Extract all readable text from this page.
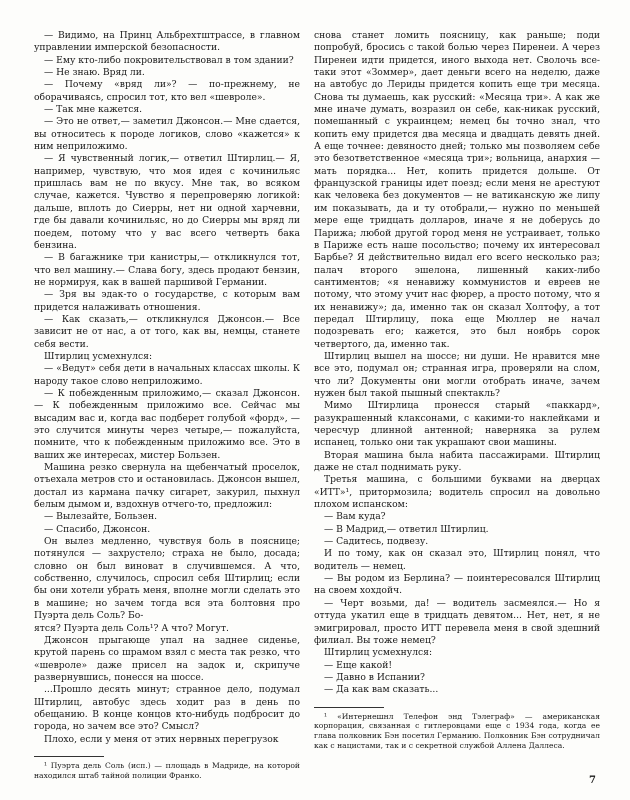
— Видимо, на Принц Альбрехтштрассе, в главном управлении имперской безопасности.

— Ему кто-либо покровительствовал в том здании?

— Не знаю. Вряд ли.

— Почему «вряд ли»? — по-прежнему, не оборачиваясь, спросил тот, кто вел «шевроле».

— Так мне кажется.

— Это не ответ,— заметил Джонсон.— Мне сдается, вы относитесь к породе логиков, слово «кажется» к ним неприложимо.

— Я чувственный логик,— ответил Штирлиц.— Я, например, чувствую, что моя идея с кочинильяс пришлась вам не по вкусу. Мне так, во всяком случае, кажется. Чувство я перепроверяю логикой: дальше, вплоть до Сиерры, нет ни одной харчевни, где бы давали кочинильяс, но до Сиерры мы вряд ли поедем, потому что у вас всего четверть бака бензина.

— В багажнике три канистры,— откликнулся тот, что вел машину.— Слава богу, здесь продают бензин, не нормируя, как в вашей паршивой Германии.

— Зря вы эдак-то о государстве, с которым вам придется налаживать отношения.

— Как сказать,— откликнулся Джонсон.— Все зависит не от нас, а от того, как вы, немцы, станете себя вести.

Штирлиц усмехнулся:

— «Ведут» себя дети в начальных классах школы. К народу такое слово неприложимо.

— К побежденным приложимо,— сказал Джонсон.— К побежденным приложимо все. Сейчас мы высадим вас и, когда вас подберет голубой «форд», — это случится минуты через четыре,— пожалуйста, помните, что к побежденным приложимо все. Это в ваших же интересах, мистер Бользен.

Машина резко свернула на щебенчатый проселок, отъехала метров сто и остановилась. Джонсон вышел, достал из кармана пачку сигарет, закурил, пыхнул белым дымом и, вздохнув отчего-то, предложил:

— Вылезайте, Бользен.

— Спасибо, Джонсон.

Он вылез медленно, чувствуя боль в пояснице; потянулся — захрустело; страха не было, досада; словно он был виноват в случившемся. А что, собственно, случилось, спросил себя Штирлиц; если бы они хотели убрать меня, вполне могли сделать это в машине; но зачем тогда вся эта болтовня про Пуэрта дель Соль? Бо-

ятся? Пуэрта дель Соль¹? А что? Могут.

Джонсон прыгающе упал на заднее сиденье, крутой парень со шрамом взял с места так резко, что «шевроле» даже присел на задок и, скрипуче развернувшись, понесся на шоссе.

...Прошло десять минут; странное дело, подумал Штирлиц, автобус здесь ходит раз в день по обещанию. В конце концов кто-нибудь подбросит до города, но зачем все это? Смысл?

Плохо, если у меня от этих нервных перегрузок

¹ Пуэрта дель Соль (исп.) — площадь в Мадриде, на которой находился штаб тайной полиции Франко.

снова станет ломить поясницу, как раньше; поди попробуй, бросись с такой болью через Пиренеи. А через Пиренеи идти придется, иного выхода нет. Сволочь все-таки этот «Зоммер», дает деньги всего на неделю, даже на автобус до Лериды придется копить еще три месяца. Снова ты думаешь, как русский: «Месяца три». А как же мне иначе думать, возразил он себе, как-никак русский, помешанный с украинцем; немец бы точно знал, что копить ему придется два месяца и двадцать девять дней. А еще точнее: девяносто дней; только мы позволяем себе это безответственное «месяца три»; вольница, анархия — мать порядка... Нет, копить придется дольше. От французской границы идет поезд; если меня не арестуют как человека без документов — не ватиканскую же липу им показывать, да и ту отобрали,— нужно по меньшей мере еще тридцать долларов, иначе я не доберусь до Парижа; любой другой город меня не устраивает, только в Париже есть наше посольство; почему их интересовал Барбье? Я действительно видал его всего несколько раз; палач второго эшелона, лишенный каких-либо сантиментов; «я ненавижу коммунистов и евреев не потому, что этому учит нас фюрер, а просто потому, что я их ненавижу»; да, именно так он сказал Холтофу, а тот передал Штирлицу, пока еще Мюллер не начал подозревать его; кажется, это был ноябрь сорок четвертого, да, именно так.

Штирлиц вышел на шоссе; ни души. Не нравится мне все это, подумал он; странная игра, проверяли на слом, что ли? Документы они могли отобрать иначе, зачем нужен был такой пышный спектакль?

Мимо Штирлица пронесся старый «паккард», разукрашенный клаксонами, с какими-то наклейками и чересчур длинной антенной; наверняка за рулем испанец, только они так украшают свои машины.

Вторая машина была набита пассажирами. Штирлиц даже не стал поднимать руку.

Третья машина, с большими буквами на дверцах «ИТТ»¹, притормозила; водитель спросил на довольно плохом испанском:

— Вам куда?

— В Мадрид,— ответил Штирлиц.

— Садитесь, подвезу.

И по тому, как он сказал это, Штирлиц понял, что водитель — немец.

— Вы родом из Берлина? — поинтересовался Штирлиц на своем хохдойч.

— Черт возьми, да! — водитель засмеялся.— Но я оттуда укатил еще в тридцать девятом... Нет, нет, я не эмигрировал, просто ИТТ перевела меня в свой здешний филиал. Вы тоже немец?

Штирлиц усмехнулся:

— Еще какой!

— Давно в Испании?

— Да как вам сказать...

¹ «Интернешнл Телефон энд Тэлеграф» — американская корпорация, связанная с гитлеровцами еще с 1934 года, когда ее глава полковник Бэн посетил Германию. Полковник Бэн сотрудничал как с нацистами, так и с секретной службой Аллена Даллеса.

7
